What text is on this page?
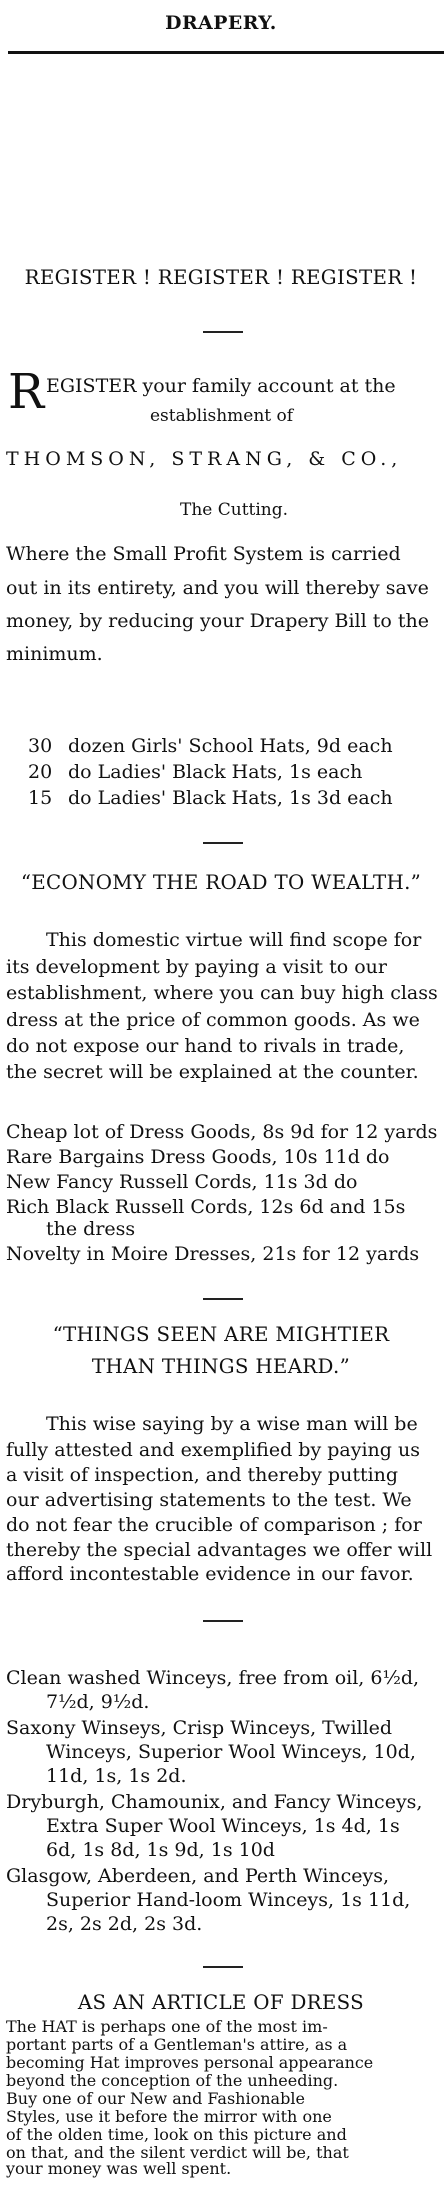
DRAPERY.
REGISTER ! REGISTER ! REGISTER !
R EGISTER your family account at the
establishment of
THOMSON, STRANG, & CO.,
The Cutting.
Where the Small Profit System is carried
out in its entirety, and you will thereby save
money, by reducing your Drapery Bill to the
minimum.
30 dozen Girls' School Hats, 9d each
20 do Ladies' Black Hats, 1s each
15 do Ladies' Black Hats, 1s 3d each
“ECONOMY THE ROAD TO WEALTH.”
This domestic virtue will find scope for
its development by paying a visit to our
establishment, where you can buy high class
dress at the price of common goods. As we
do not expose our hand to rivals in trade,
the secret will be explained at the counter.
Cheap lot of Dress Goods, 8s 9d for 12 yards
Rare Bargains Dress Goods, 10s 11d do
New Fancy Russell Cords, 11s 3d do
Rich Black Russell Cords, 12s 6d and 15s
the dress
Novelty in Moire Dresses, 21s for 12 yards
“THINGS SEEN ARE MIGHTIER
THAN THINGS HEARD.”
This wise saying by a wise man will be
fully attested and exemplified by paying us
a visit of inspection, and thereby putting
our advertising statements to the test. We
do not fear the crucible of comparison ; for
thereby the special advantages we offer will
afford incontestable evidence in our favor.
Clean washed Winceys, free from oil, 6½d,
7½d, 9½d.
Saxony Winseys, Crisp Winceys, Twilled
Winceys, Superior Wool Winceys, 10d,
11d, 1s, 1s 2d.
Dryburgh, Chamounix, and Fancy Winceys,
Extra Super Wool Winceys, 1s 4d, 1s
6d, 1s 8d, 1s 9d, 1s 10d
Glasgow, Aberdeen, and Perth Winceys,
Superior Hand-loom Winceys, 1s 11d,
2s, 2s 2d, 2s 3d.
AS AN ARTICLE OF DRESS
The HAT is perhaps one of the most im-
portant parts of a Gentleman's attire, as a
becoming Hat improves personal appearance
beyond the conception of the unheeding.
Buy one of our New and Fashionable
Styles, use it before the mirror with one
of the olden time, look on this picture and
on that, and the silent verdict will be, that
your money was well spent.
